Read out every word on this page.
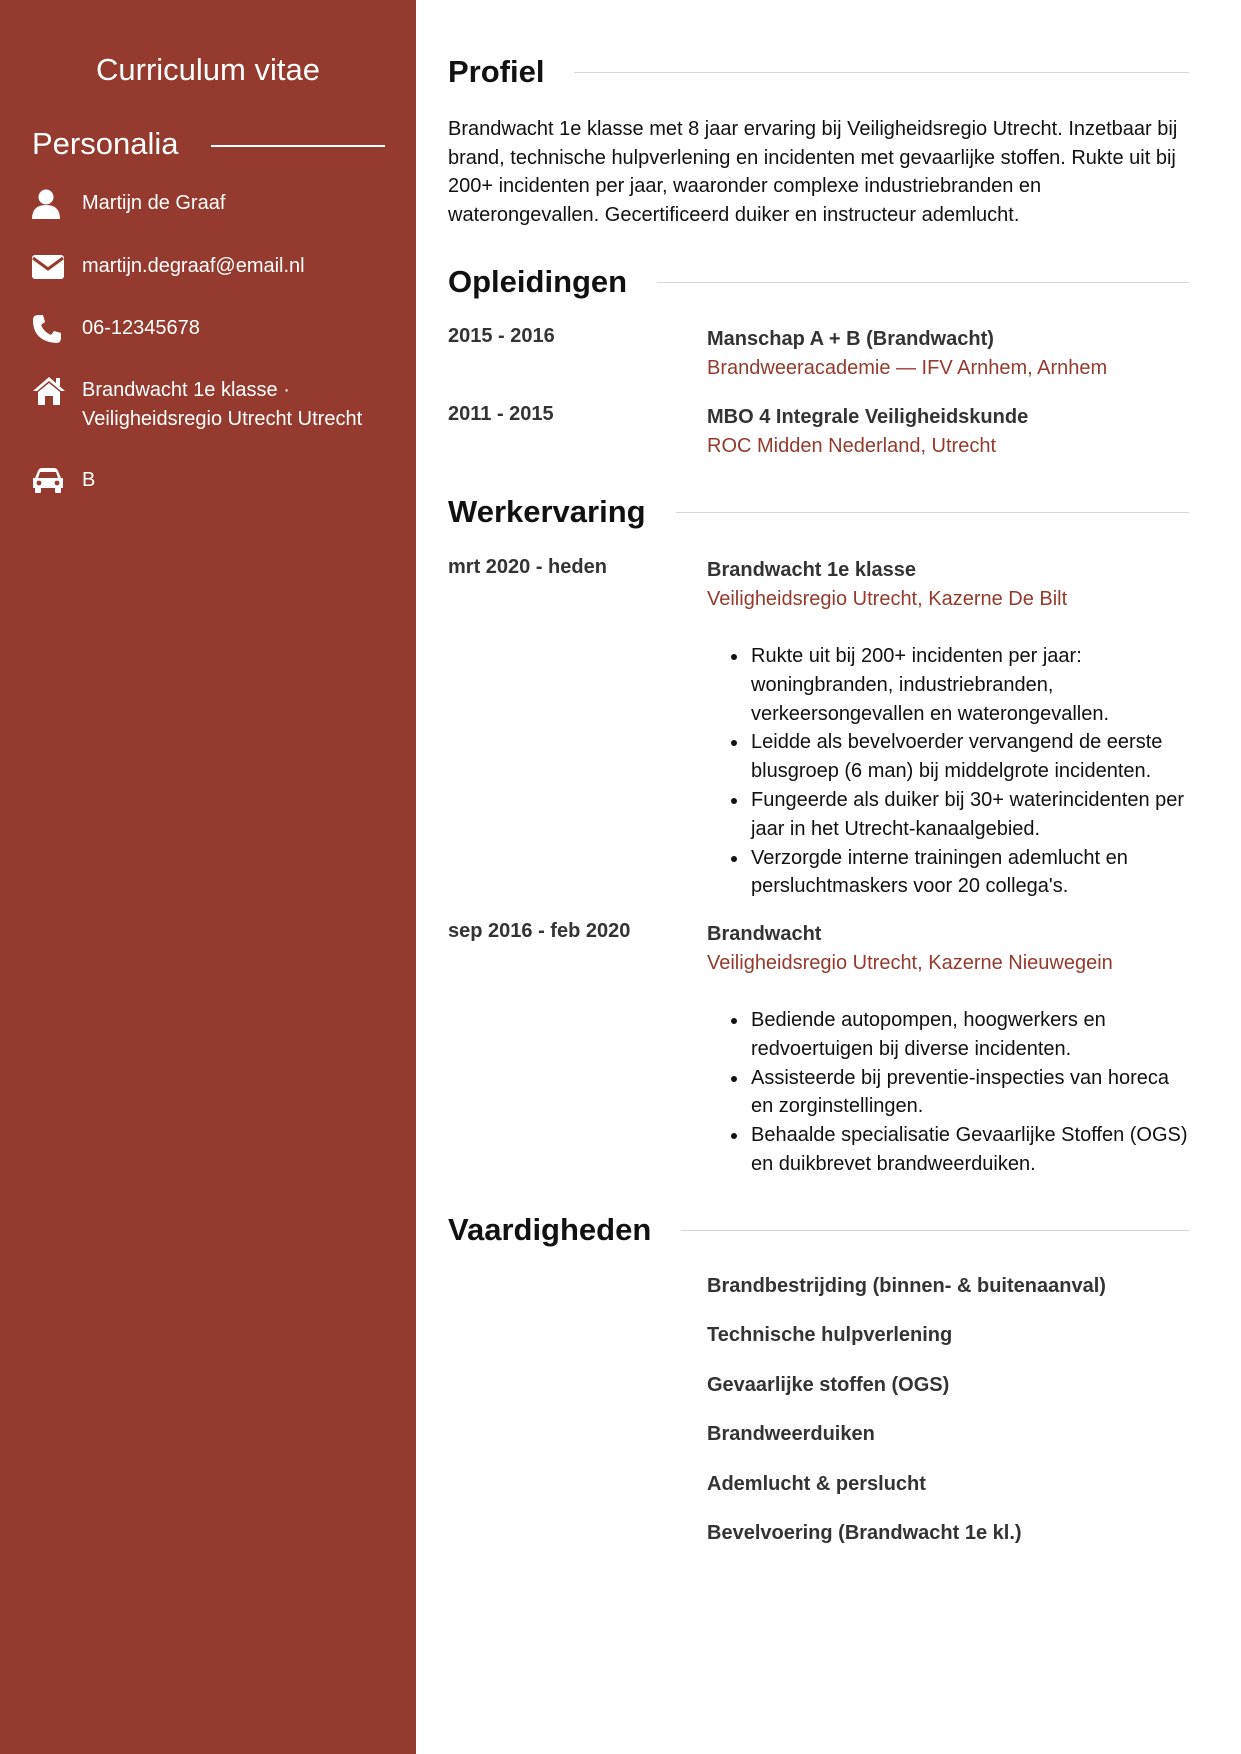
Curriculum vitae
Personalia
Martijn de Graaf
martijn.degraaf@email.nl
06-12345678
Brandwacht 1e klasse · Veiligheidsregio Utrecht Utrecht
B
Profiel

Brandwacht 1e klasse met 8 jaar ervaring bij Veiligheidsregio Utrecht. Inzetbaar bij brand, technische hulpverlening en incidenten met gevaarlijke stoffen. Rukte uit bij 200+ incidenten per jaar, waaronder complexe industriebranden en waterongevallen. Gecertificeerd duiker en instructeur ademlucht.

Opleidingen
2015 - 2016	Manschap A + B (Brandwacht)
Brandweeracademie — IFV Arnhem, Arnhem
2011 - 2015	MBO 4 Integrale Veiligheidskunde
ROC Midden Nederland, Utrecht
Werkervaring
mrt 2020 - heden	Brandwacht 1e klasse
Veiligheidsregio Utrecht, Kazerne De Bilt
• Rukte uit bij 200+ incidenten per jaar: woningbranden, industriebranden, verkeersongevallen en waterongevallen.
• Leidde als bevelvoerder vervangend de eerste blusgroep (6 man) bij middelgrote incidenten.
• Fungeerde als duiker bij 30+ waterincidenten per jaar in het Utrecht-kanaalgebied.
• Verzorgde interne trainingen ademlucht en persluchtmaskers voor 20 collega's.
sep 2016 - feb 2020	Brandwacht
Veiligheidsregio Utrecht, Kazerne Nieuwegein
• Bediende autopompen, hoogwerkers en redvoertuigen bij diverse incidenten.
• Assisteerde bij preventie-inspecties van horeca en zorginstellingen.
• Behaalde specialisatie Gevaarlijke Stoffen (OGS) en duikbrevet brandweerduiken.
Vaardigheden
Brandbestrijding (binnen- & buitenaanval)
Technische hulpverlening
Gevaarlijke stoffen (OGS)
Brandweerduiken
Ademlucht & perslucht
Bevelvoering (Brandwacht 1e kl.)
